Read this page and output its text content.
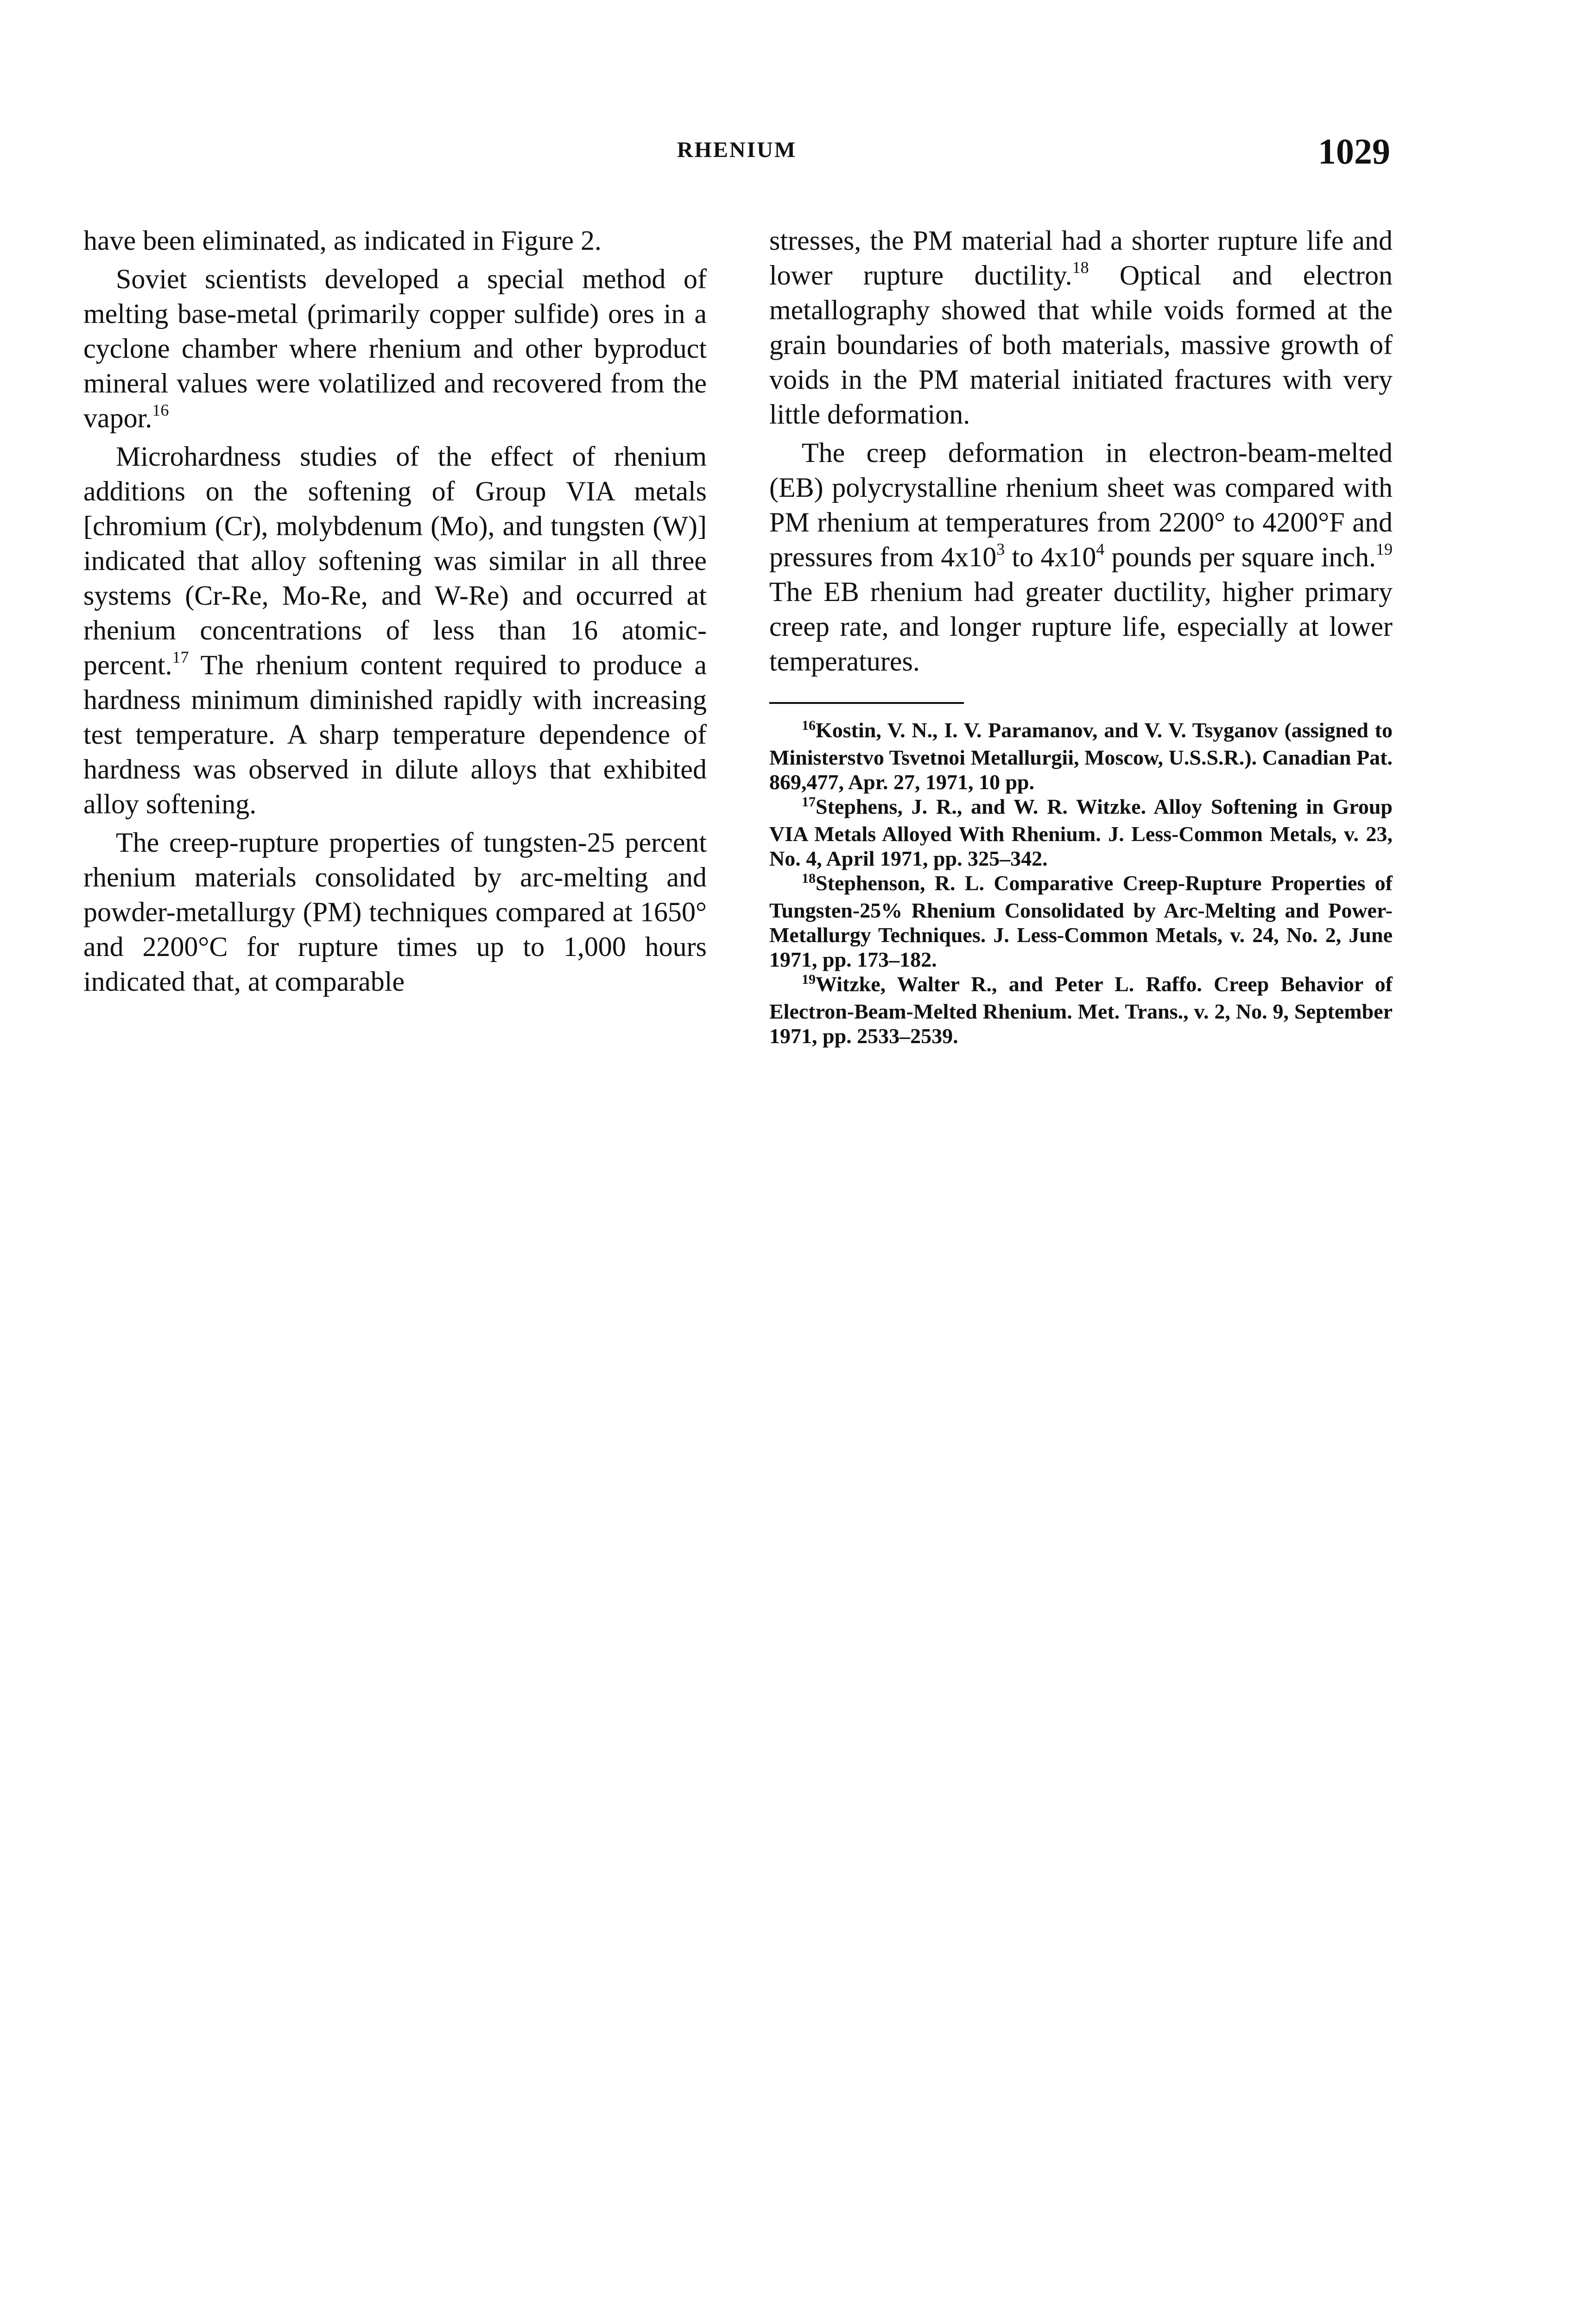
RHENIUM	1029

have been eliminated, as indicated in Figure 2.

Soviet scientists developed a special method of melting base-metal (primarily copper sulfide) ores in a cyclone chamber where rhenium and other byproduct mineral values were volatilized and recovered from the vapor.$^{16}$

Microhardness studies of the effect of rhenium additions on the softening of Group VIA metals [chromium (Cr), molybdenum (Mo), and tungsten (W)] indicated that alloy softening was similar in all three systems (Cr-Re, Mo-Re, and W-Re) and occurred at rhenium concentrations of less than 16 atomic-percent.$^{17}$ The rhenium content required to produce a hardness minimum diminished rapidly with increasing test temperature. A sharp temperature dependence of hardness was observed in dilute alloys that exhibited alloy softening.

The creep-rupture properties of tungsten-25 percent rhenium materials consolidated by arc-melting and powder-metallurgy (PM) techniques compared at 1650° and 2200°C for rupture times up to 1,000 hours indicated that, at comparable

stresses, the PM material had a shorter rupture life and lower rupture ductility.$^{18}$ Optical and electron metallography showed that while voids formed at the grain boundaries of both materials, massive growth of voids in the PM material initiated fractures with very little deformation.

The creep deformation in electron-beam-melted (EB) polycrystalline rhenium sheet was compared with PM rhenium at temperatures from 2200° to 4200°F and pressures from $4x10^3$ to $4x10^4$ pounds per square inch.$^{19}$ The EB rhenium had greater ductility, higher primary creep rate, and longer rupture life, especially at lower temperatures.

$^{16}$Kostin, V. N., I. V. Paramanov, and V. V. Tsyganov (assigned to Ministerstvo Tsvetnoi Metallurgii, Moscow, U.S.S.R.). Canadian Pat. 869,477, Apr. 27, 1971, 10 pp.

$^{17}$Stephens, J. R., and W. R. Witzke. Alloy Softening in Group VIA Metals Alloyed With Rhenium. J. Less-Common Metals, v. 23, No. 4, April 1971, pp. 325–342.

$^{18}$Stephenson, R. L. Comparative Creep-Rupture Properties of Tungsten-25% Rhenium Consolidated by Arc-Melting and Power-Metallurgy Techniques. J. Less-Common Metals, v. 24, No. 2, June 1971, pp. 173–182.

$^{19}$Witzke, Walter R., and Peter L. Raffo. Creep Behavior of Electron-Beam-Melted Rhenium. Met. Trans., v. 2, No. 9, September 1971, pp. 2533–2539.
